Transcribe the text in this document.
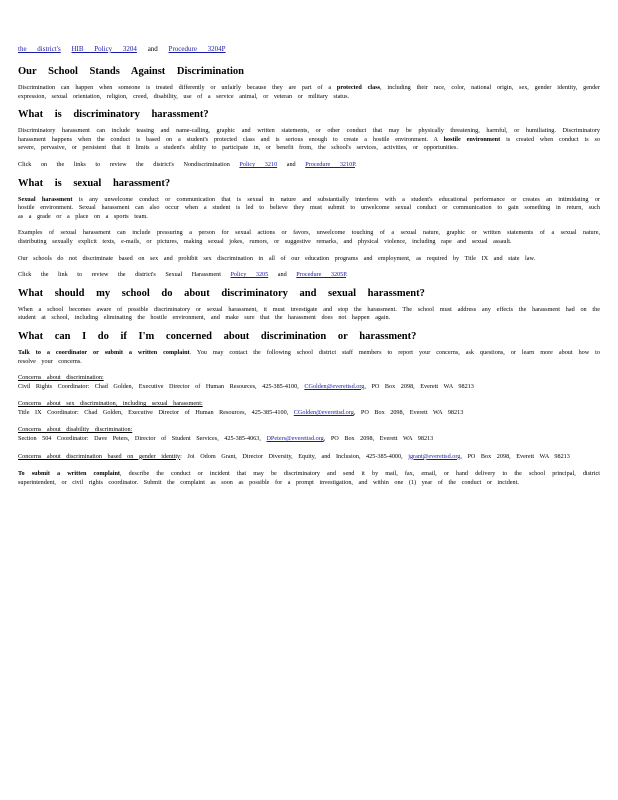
the district's HIB Policy 3204 and Procedure 3204P
Our School Stands Against Discrimination

Discrimination can happen when someone is treated differently or unfairly because they are part of a protected class, including their race, color, national origin, sex, gender identity, gender expression, sexual orientation, religion, creed, disability, use of a service animal, or veteran or military status.

What is discriminatory harassment?

Discriminatory harassment can include teasing and name-calling, graphic and written statements, or other conduct that may be physically threatening, harmful, or humiliating. Discriminatory harassment happens when the conduct is based on a student's protected class and is serious enough to create a hostile environment. A hostile environment is created when conduct is so severe, pervasive, or persistent that it limits a student's ability to participate in, or benefit from, the school's services, activities, or opportunities.

Click on the links to review the district's Nondiscrimination Policy 3210 and Procedure 3210P.

What is sexual harassment?

Sexual harassment is any unwelcome conduct or communication that is sexual in nature and substantially interferes with a student's educational performance or creates an intimidating or hostile environment. Sexual harassment can also occur when a student is led to believe they must submit to unwelcome sexual conduct or communication to gain something in return, such as a grade or a place on a sports team.

Examples of sexual harassment can include pressuring a person for sexual actions or favors, unwelcome touching of a sexual nature, graphic or written statements of a sexual nature, distributing sexually explicit texts, e-mails, or pictures, making sexual jokes, rumors, or suggestive remarks, and physical violence, including rape and sexual assault.

Our schools do not discriminate based on sex and prohibit sex discrimination in all of our education programs and employment, as required by Title IX and state law.

Click the link to review the district's Sexual Harassment Policy 3205 and Procedure 3205P.

What should my school do about discriminatory and sexual harassment?

When a school becomes aware of possible discriminatory or sexual harassment, it must investigate and stop the harassment. The school must address any effects the harassment had on the student at school, including eliminating the hostile environment, and make sure that the harassment does not happen again.

What can I do if I'm concerned about discrimination or harassment?

Talk to a coordinator or submit a written complaint. You may contact the following school district staff members to report your concerns, ask questions, or learn more about how to resolve your concerns.

Concerns about discrimination:
Civil Rights Coordinator: Chad Golden, Executive Director of Human Resources, 425-385-4100, CGolden@everettsd.org, PO Box 2098, Everett WA 98213
Concerns about sex discrimination, including sexual harassment:
Title IX Coordinator: Chad Golden, Executive Director of Human Resources, 425-385-4100, CGolden@everettsd.org, PO Box 2098, Everett WA 98213
Concerns about disability discrimination:
Section 504 Coordinator: Dave Peters, Director of Student Services, 425-385-4063, DPeters@everettsd.org, PO Box 2098, Everett WA 98213
Concerns about discrimination based on gender identity: Joi Odom Grant, Director Diversity, Equity, and Inclusion, 425-385-4000, jgrant@everettsd.org, PO Box 2098, Everett WA 98213

To submit a written complaint, describe the conduct or incident that may be discriminatory and send it by mail, fax, email, or hand delivery to the school principal, district superintendent, or civil rights coordinator. Submit the complaint as soon as possible for a prompt investigation, and within one (1) year of the conduct or incident.
